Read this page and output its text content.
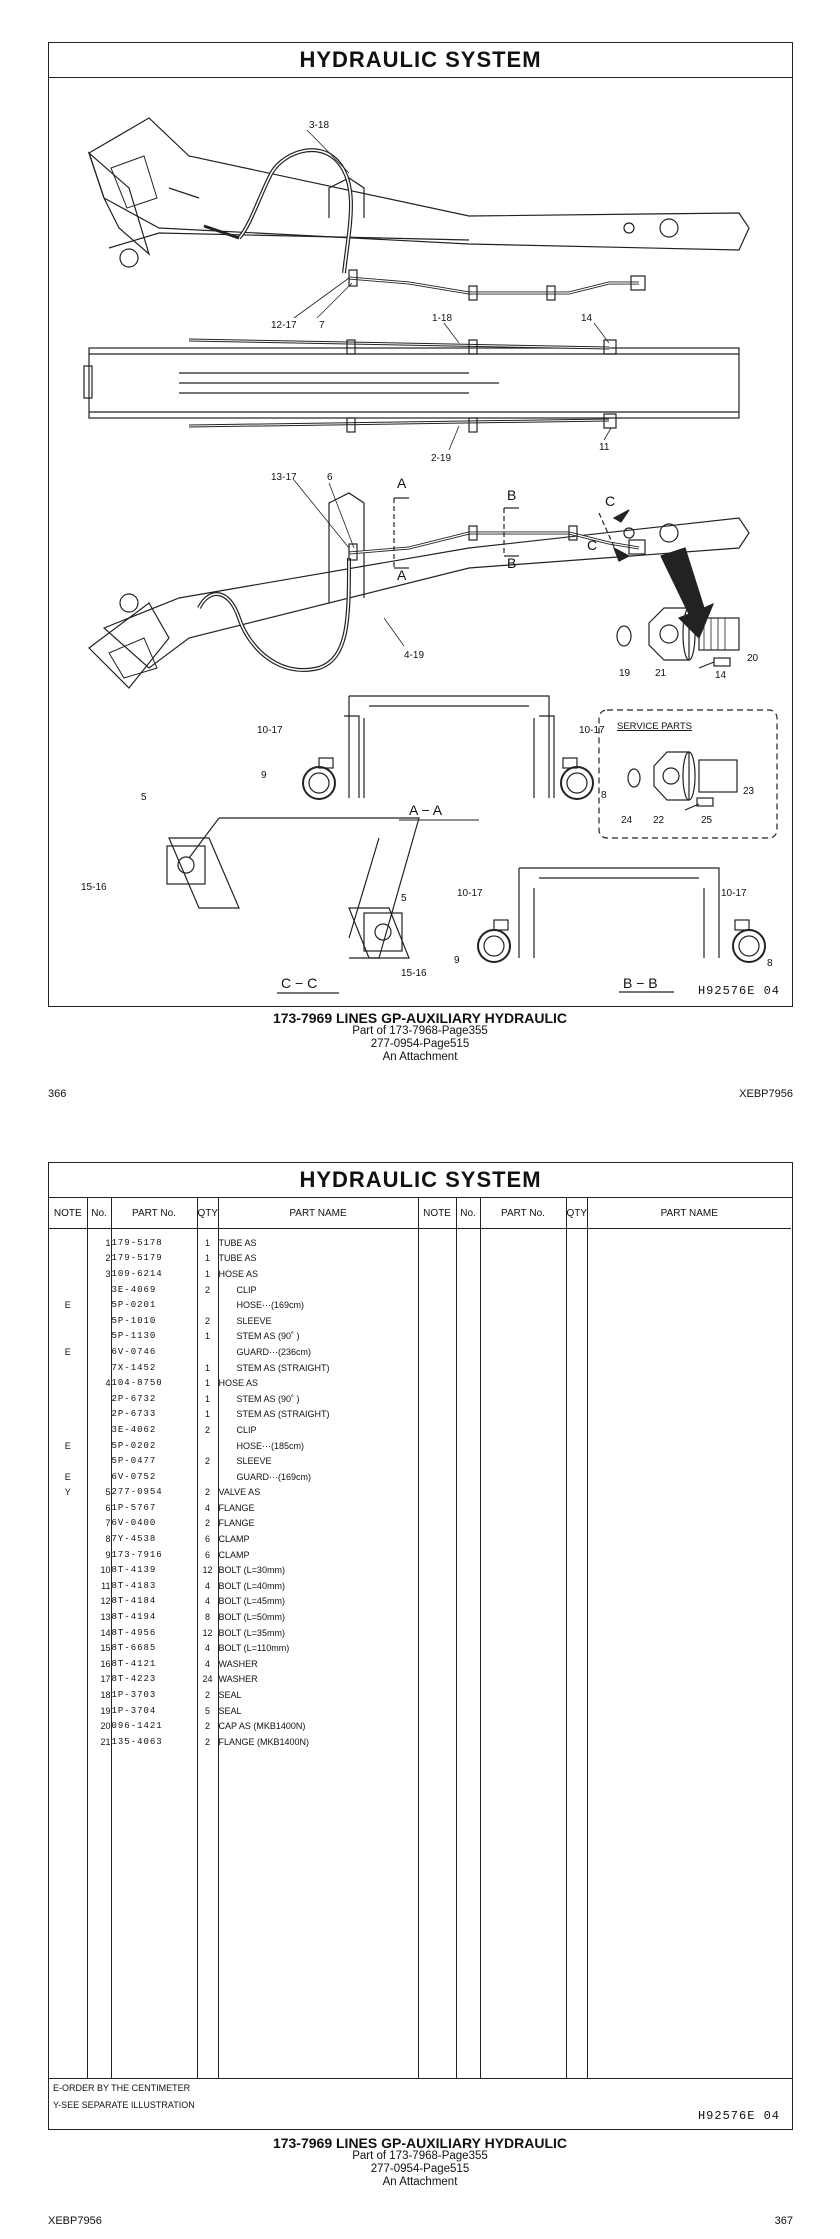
HYDRAULIC SYSTEM
3-18
12-17 7
1-18	14
2-19
11
13-17	6	A
A
B
B
C
C
4-19	20
14
19 21
10-17
9
10-17
8
A − A
SERVICE PARTS
23
24 22	25
5
15-16
5
15-16
C − C
10-17
9
10-17
8
B − B	H92576E 04
173-7969 LINES GP-AUXILIARY HYDRAULIC
Part of 173-7968-Page355
277-0954-Page515
An Attachment
366	XEBP7956
HYDRAULIC SYSTEM
NOTE	No.	PART No.	QTY	PART NAME	NOTE	No.	PART No.	QTY	PART NAME

	1	179-5178	1	TUBE AS					
	2	179-5179	1	TUBE AS					
	3	109-6214	1	HOSE AS					
		3E-4069	2	CLIP					
E		5P-0201		HOSE···(169cm)					
		5P-1010	2	SLEEVE					
		5P-1130	1	STEM AS (90˚ )					
E		6V-0746		GUARD···(236cm)					
		7X-1452	1	STEM AS (STRAIGHT)					
	4	104-8750	1	HOSE AS					
		2P-6732	1	STEM AS (90˚ )					
		2P-6733	1	STEM AS (STRAIGHT)					
		3E-4062	2	CLIP					
E		5P-0202		HOSE···(185cm)					
		5P-0477	2	SLEEVE					
E		6V-0752		GUARD···(169cm)					
Y	5	277-0954	2	VALVE AS					
	6	1P-5767	4	FLANGE					
	7	6V-0400	2	FLANGE					
	8	7Y-4538	6	CLAMP					
	9	173-7916	6	CLAMP					
	10	8T-4139	12	BOLT (L=30mm)					
	11	8T-4183	4	BOLT (L=40mm)					
	12	8T-4184	4	BOLT (L=45mm)					
	13	8T-4194	8	BOLT (L=50mm)					
	14	8T-4956	12	BOLT (L=35mm)					
	15	8T-6685	4	BOLT (L=110mm)					
	16	8T-4121	4	WASHER					
	17	8T-4223	24	WASHER					
	18	1P-3703	2	SEAL					
	19	1P-3704	5	SEAL					
	20	096-1421	2	CAP AS (MKB1400N)					
	21	135-4063	2	FLANGE (MKB1400N)					

E-ORDER BY THE CENTIMETER
Y-SEE SEPARATE ILLUSTRATION
H92576E 04
173-7969 LINES GP-AUXILIARY HYDRAULIC
Part of 173-7968-Page355
277-0954-Page515
An Attachment
XEBP7956	367
